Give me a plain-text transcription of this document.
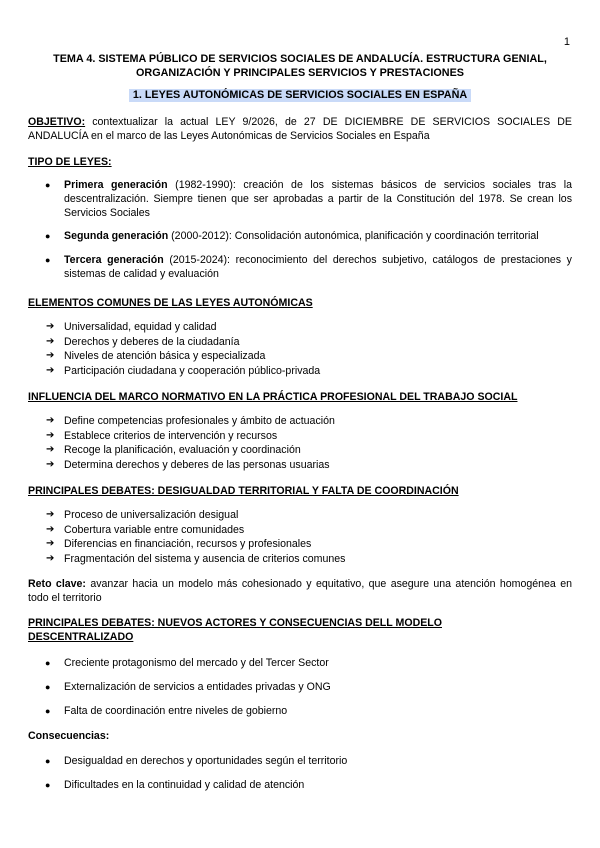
1
TEMA 4. SISTEMA PÚBLICO DE SERVICIOS SOCIALES DE ANDALUCÍA. ESTRUCTURA GENIAL,
ORGANIZACIÓN Y PRINCIPALES SERVICIOS Y PRESTACIONES
1. LEYES AUTONÓMICAS DE SERVICIOS SOCIALES EN ESPAÑA
OBJETIVO: contextualizar la actual LEY 9/2026, de 27 DE DICIEMBRE DE SERVICIOS SOCIALES DE ANDALUCÍA en el marco de las Leyes Autonómicas de Servicios Sociales en España
TIPO DE LEYES:
● Primera generación (1982-1990): creación de los sistemas básicos de servicios sociales tras la descentralización. Siempre tienen que ser aprobadas a partir de la Constitución del 1978. Se crean los Servicios Sociales
● Segunda generación (2000-2012): Consolidación autonómica, planificación y coordinación territorial
● Tercera generación (2015-2024): reconocimiento del derechos subjetivo, catálogos de prestaciones y sistemas de calidad y evaluación
ELEMENTOS COMUNES DE LAS LEYES AUTONÓMICAS
➔ Universalidad, equidad y calidad
➔ Derechos y deberes de la ciudadanía
➔ Niveles de atención básica y especializada
➔ Participación ciudadana y cooperación público-privada
INFLUENCIA DEL MARCO NORMATIVO EN LA PRÁCTICA PROFESIONAL DEL TRABAJO SOCIAL
➔ Define competencias profesionales y ámbito de actuación
➔ Establece criterios de intervención y recursos
➔ Recoge la planificación, evaluación y coordinación
➔ Determina derechos y deberes de las personas usuarias
PRINCIPALES DEBATES: DESIGUALDAD TERRITORIAL Y FALTA DE COORDINACIÓN
➔ Proceso de universalización desigual
➔ Cobertura variable entre comunidades
➔ Diferencias en financiación, recursos y profesionales
➔ Fragmentación del sistema y ausencia de criterios comunes
Reto clave: avanzar hacia un modelo más cohesionado y equitativo, que asegure una atención homogénea en todo el territorio
PRINCIPALES DEBATES: NUEVOS ACTORES Y CONSECUENCIAS DELL MODELO
DESCENTRALIZADO
● Creciente protagonismo del mercado y del Tercer Sector
● Externalización de servicios a entidades privadas y ONG
● Falta de coordinación entre niveles de gobierno
Consecuencias:
● Desigualdad en derechos y oportunidades según el territorio
● Dificultades en la continuidad y calidad de atención
